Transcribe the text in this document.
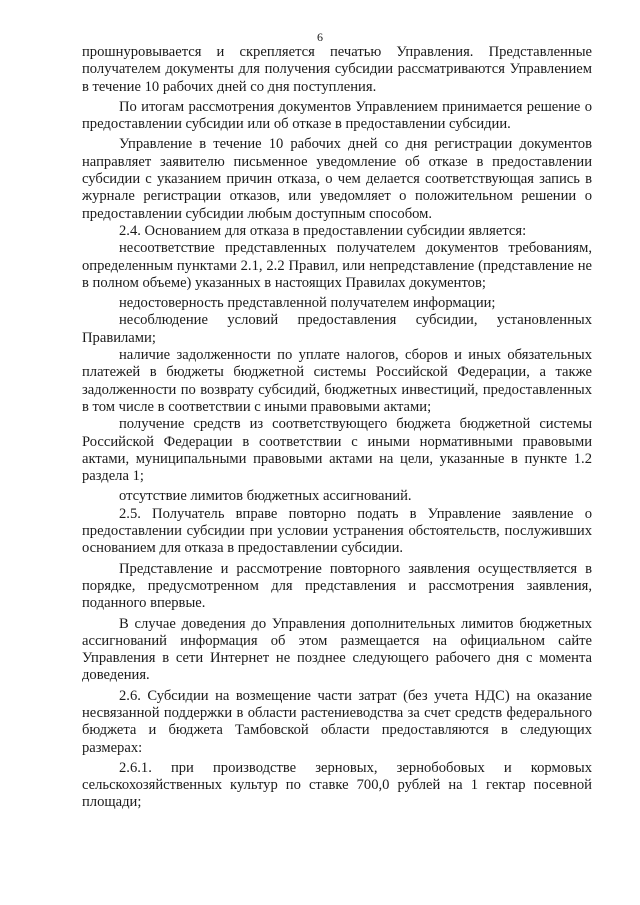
6

прошнуровывается и скрепляется печатью Управления. Представленные получателем документы для получения субсидии рассматриваются Управлением в течение 10 рабочих дней со дня поступления.

По итогам рассмотрения документов Управлением принимается решение о предоставлении субсидии или об отказе в предоставлении субсидии.

Управление в течение 10 рабочих дней со дня регистрации документов направляет заявителю письменное уведомление об отказе в предоставлении субсидии с указанием причин отказа, о чем делается соответствующая запись в журнале регистрации отказов, или уведомляет о положительном решении о предоставлении субсидии любым доступным способом.

2.4. Основанием для отказа в предоставлении субсидии является:

несоответствие представленных получателем документов требованиям, определенным пунктами 2.1, 2.2 Правил, или непредставление (представление не в полном объеме) указанных в настоящих Правилах документов;

недостоверность представленной получателем информации;

несоблюдение условий предоставления субсидии, установленных Правилами;

наличие задолженности по уплате налогов, сборов и иных обязательных платежей в бюджеты бюджетной системы Российской Федерации, а также задолженности по возврату субсидий, бюджетных инвестиций, предоставленных в том числе в соответствии с иными правовыми актами;

получение средств из соответствующего бюджета бюджетной системы Российской Федерации в соответствии с иными нормативными правовыми актами, муниципальными правовыми актами на цели, указанные в пункте 1.2 раздела 1;

отсутствие лимитов бюджетных ассигнований.

2.5. Получатель вправе повторно подать в Управление заявление о предоставлении субсидии при условии устранения обстоятельств, послуживших основанием для отказа в предоставлении субсидии.

Представление и рассмотрение повторного заявления осуществляется в порядке, предусмотренном для представления и рассмотрения заявления, поданного впервые.

В случае доведения до Управления дополнительных лимитов бюджетных ассигнований информация об этом размещается на официальном сайте Управления в сети Интернет не позднее следующего рабочего дня с момента доведения.

2.6. Субсидии на возмещение части затрат (без учета НДС) на оказание несвязанной поддержки в области растениеводства за счет средств федерального бюджета и бюджета Тамбовской области предоставляются в следующих размерах:

2.6.1. при производстве зерновых, зернобобовых и кормовых сельскохозяйственных культур по ставке 700,0 рублей на 1 гектар посевной площади;
